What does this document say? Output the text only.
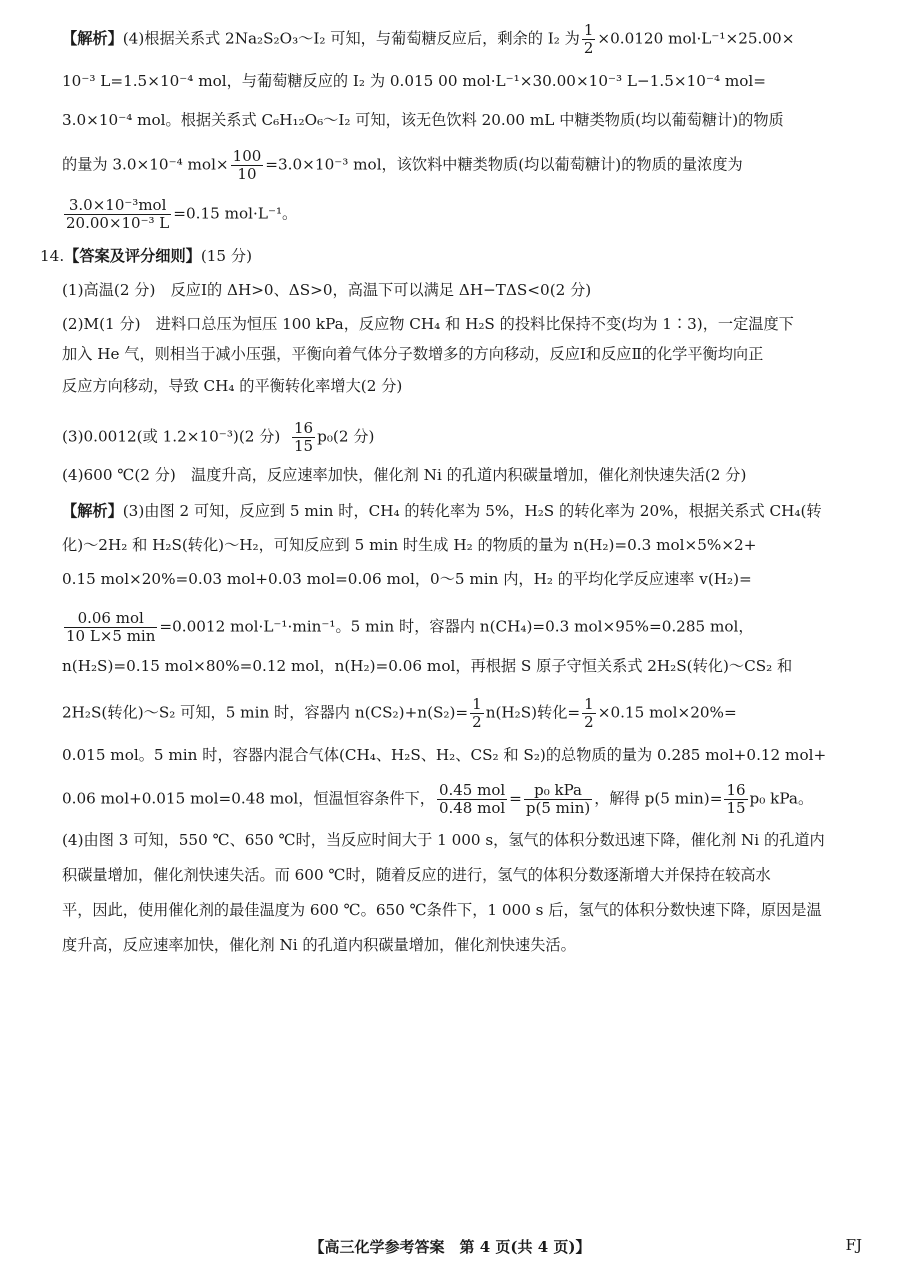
【解析】(4)根据关系式 2Na₂S₂O₃～I₂ 可知，与葡萄糖反应后，剩余的 I₂ 为 $\frac{1}{2} \times 0.0120$ mol·L⁻¹×25.00×
10⁻³ L=1.5×10⁻⁴ mol，与葡萄糖反应的 I₂ 为 0.015 00 mol·L⁻¹×30.00×10⁻³ L−1.5×10⁻⁴ mol=
3.0×10⁻⁴ mol。根据关系式 C₆H₁₂O₆～I₂ 可知，该无色饮料 20.00 mL 中糖类物质(均以葡萄糖计)的物质
的量为 3.0×10⁻⁴ $mol\times \frac{100}{10} =3.0\times 10^{-3}$ mol，该饮料中糖类物质(均以葡萄糖计)的物质的量浓度为
$\frac{\text{3.0×10⁻³mol}}{\text{20.00×10⁻³ L}} =0.15$ mol·L⁻¹。
14.【答案及评分细则】(15 分)
(1)高温(2 分)　反应Ⅰ的 ΔH>0、ΔS>0，高温下可以满足 ΔH−TΔS<0(2 分)
(2)M(1 分)　进料口总压为恒压 100 kPa，反应物 CH₄ 和 H₂S 的投料比保持不变(均为 1∶3)，一定温度下
加入 He 气，则相当于减小压强，平衡向着气体分子数增多的方向移动，反应Ⅰ和反应Ⅱ的化学平衡均向正
反应方向移动，导致 CH₄ 的平衡转化率增大(2 分)
(3)0.0012(或 1.2×10⁻³)(2 分) $\frac{16}{15} p_0(2$ 分)
(4)600 ℃(2 分)　温度升高，反应速率加快，催化剂 Ni 的孔道内积碳量增加，催化剂快速失活(2 分)
【解析】(3)由图 2 可知，反应到 5 min 时，CH₄ 的转化率为 5%，H₂S 的转化率为 20%，根据关系式 CH₄(转
化)～2H₂ 和 H₂S(转化)～H₂，可知反应到 5 min 时生成 H₂ 的物质的量为 n(H₂)=0.3 mol×5%×2+
0.15 mol×20%=0.03 mol+0.03 mol=0.06 mol，0～5 min 内，H₂ 的平均化学反应速率 v(H₂)=
$\frac{\text{0.06 mol}}{10 L\times 5 \min} =0.0012$ mol·L⁻¹·min⁻¹。5 min 时，容器内 n(CH₄)=0.3 mol×95%=0.285 mol，
n(H₂S)=0.15 mol×80%=0.12 mol，n(H₂)=0.06 mol，再根据 S 原子守恒关系式 2H₂S(转化)～CS₂ 和
2H₂S(转化)～S₂ 可知，5 min 时，容器内 $n(CS_2)+n(S_2)= \frac{1}{2} n(H_2S)$转化= $\frac{1}{2} \times 0.15$ mol×20%=
0.015 mol。5 min 时，容器内混合气体(CH₄、H₂S、H₂、CS₂ 和 S₂)的总物质的量为 0.285 mol+0.12 mol+
0.06 mol+0.015 mol=0.48 mol，恒温恒容条件下， $\frac{\text{0.45 mol}}{\text{0.48 mol}} = \frac{\text{p₀ kPa}}{p(5 \min)}$ ，解得 p(5 $\min)= \frac{16}{15} p_0$ kPa。
(4)由图 3 可知，550 ℃、650 ℃时，当反应时间大于 1 000 s，氢气的体积分数迅速下降，催化剂 Ni 的孔道内
积碳量增加，催化剂快速失活。而 600 ℃时，随着反应的进行，氢气的体积分数逐渐增大并保持在较高水
平，因此，使用催化剂的最佳温度为 600 ℃。650 ℃条件下，1 000 s 后，氢气的体积分数快速下降，原因是温
度升高，反应速率加快，催化剂 Ni 的孔道内积碳量增加，催化剂快速失活。
【高三化学参考答案　第 4 页(共 4 页)】	FJ
